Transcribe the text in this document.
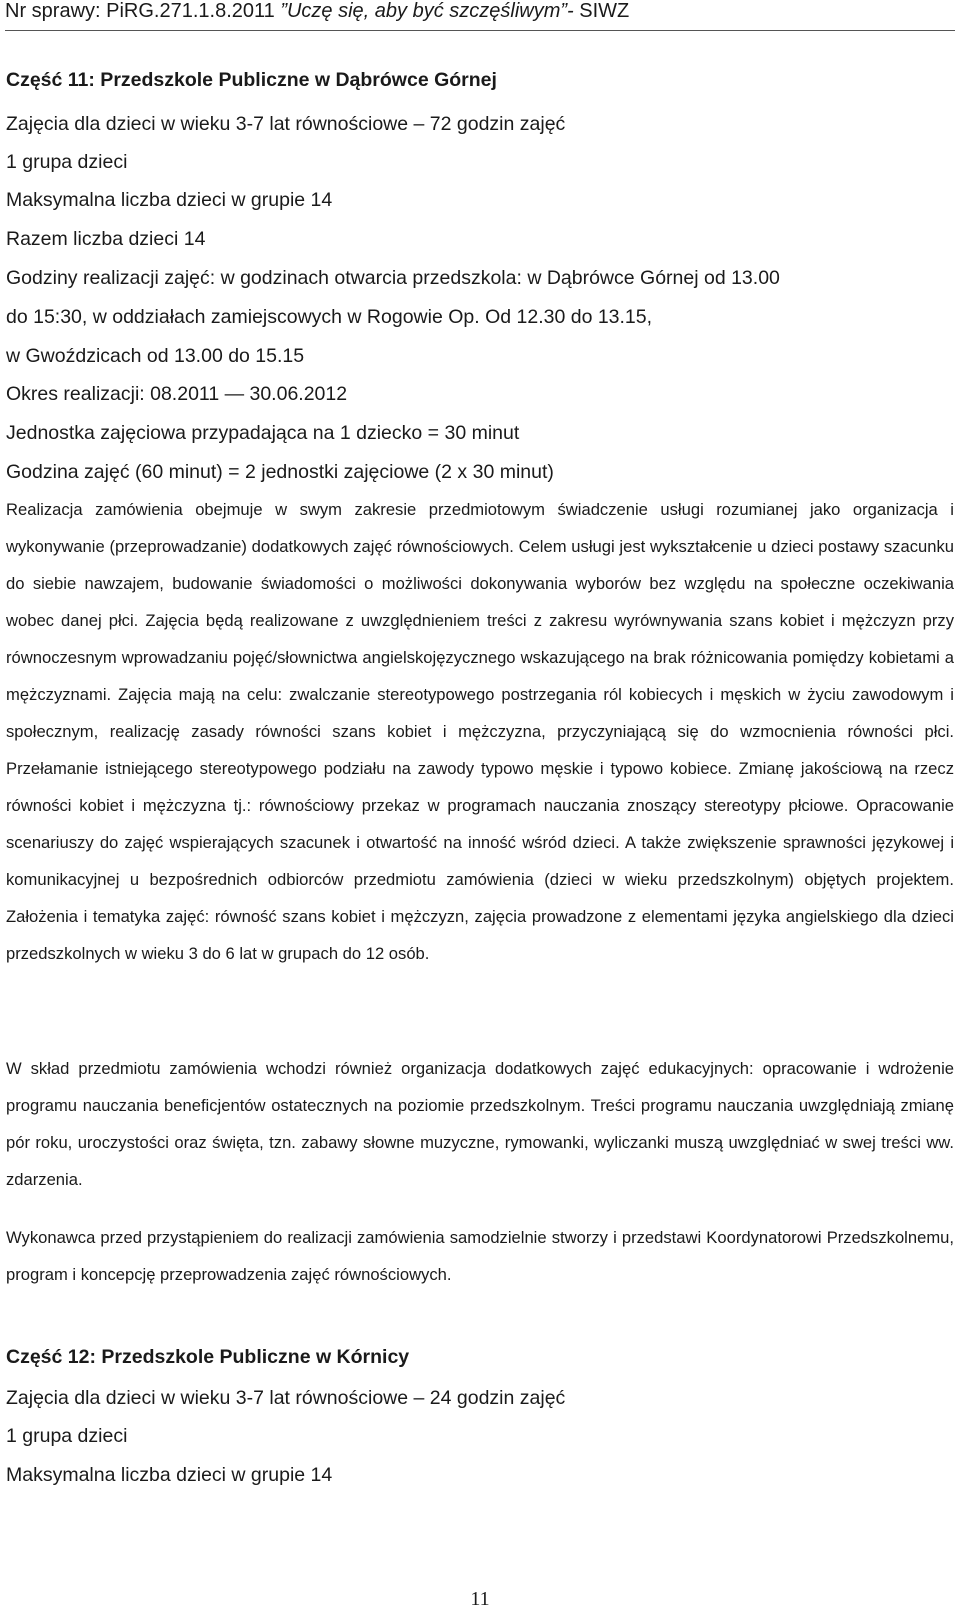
Nr sprawy: PiRG.271.1.8.2011 ”Uczę się, aby być szczęśliwym”- SIWZ
Część 11: Przedszkole Publiczne w Dąbrówce Górnej
Zajęcia dla dzieci w wieku 3-7 lat równościowe – 72 godzin zajęć
1 grupa dzieci
Maksymalna liczba dzieci w grupie 14
Razem liczba dzieci 14
Godziny realizacji zajęć: w godzinach otwarcia przedszkola: w Dąbrówce Górnej od 13.00
do 15:30, w oddziałach zamiejscowych w Rogowie Op. Od 12.30 do 13.15,
w Gwoździcach od 13.00 do 15.15
Okres realizacji: 08.2011 — 30.06.2012
Jednostka zajęciowa przypadająca na 1 dziecko = 30 minut
Godzina zajęć (60 minut) = 2 jednostki zajęciowe (2 x 30 minut)
Realizacja zamówienia obejmuje w swym zakresie przedmiotowym świadczenie usługi rozumianej jako organizacja i wykonywanie (przeprowadzanie) dodatkowych zajęć równościowych. Celem usługi jest wykształcenie u dzieci postawy szacunku do siebie nawzajem, budowanie świadomości o możliwości dokonywania wyborów bez względu na społeczne oczekiwania wobec danej płci. Zajęcia będą realizowane z uwzględnieniem treści z zakresu wyrównywania szans kobiet i mężczyzn przy równoczesnym wprowadzaniu pojęć/słownictwa angielskojęzycznego wskazującego na brak różnicowania pomiędzy kobietami a mężczyznami. Zajęcia mają na celu: zwalczanie stereotypowego postrzegania ról kobiecych i męskich w życiu zawodowym i społecznym, realizację zasady równości szans kobiet i mężczyzna, przyczyniającą się do wzmocnienia równości płci. Przełamanie istniejącego stereotypowego podziału na zawody typowo męskie i typowo kobiece. Zmianę jakościową na rzecz równości kobiet i mężczyzna tj.: równościowy przekaz w programach nauczania znoszący stereotypy płciowe. Opracowanie scenariuszy do zajęć wspierających szacunek i otwartość na inność wśród dzieci. A także zwiększenie sprawności językowej i komunikacyjnej u bezpośrednich odbiorców przedmiotu zamówienia (dzieci w wieku przedszkolnym) objętych projektem. Założenia i tematyka zajęć: równość szans kobiet i mężczyzn, zajęcia prowadzone z elementami języka angielskiego dla dzieci przedszkolnych w wieku 3 do 6 lat w grupach do 12 osób.
W skład przedmiotu zamówienia wchodzi również organizacja dodatkowych zajęć edukacyjnych: opracowanie i wdrożenie programu nauczania beneficjentów ostatecznych na poziomie przedszkolnym. Treści programu nauczania uwzględniają zmianę pór roku, uroczystości oraz święta, tzn. zabawy słowne muzyczne, rymowanki, wyliczanki muszą uwzględniać w swej treści ww. zdarzenia.
Wykonawca przed przystąpieniem do realizacji zamówienia samodzielnie stworzy i przedstawi Koordynatorowi Przedszkolnemu, program i koncepcję przeprowadzenia zajęć równościowych.
Część 12: Przedszkole Publiczne w Kórnicy
Zajęcia dla dzieci w wieku 3-7 lat równościowe – 24 godzin zajęć
1 grupa dzieci
Maksymalna liczba dzieci w grupie 14
11
